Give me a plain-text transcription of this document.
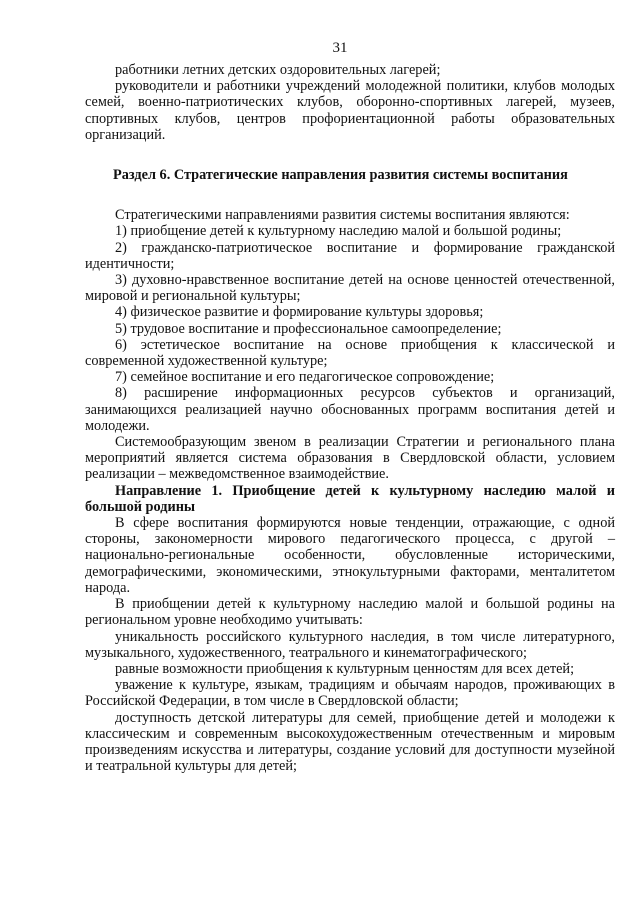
31

работники летних детских оздоровительных лагерей;

руководители и работники учреждений молодежной политики, клубов молодых семей, военно-патриотических клубов, оборонно-спортивных лагерей, музеев, спортивных клубов, центров профориентационной работы образовательных организаций.

Раздел 6. Стратегические направления развития системы воспитания

Стратегическими направлениями развития системы воспитания являются:

1) приобщение детей к культурному наследию малой и большой родины;

2) гражданско-патриотическое воспитание и формирование гражданской идентичности;

3) духовно-нравственное воспитание детей на основе ценностей отечественной, мировой и региональной культуры;

4) физическое развитие и формирование культуры здоровья;

5) трудовое воспитание и профессиональное самоопределение;

6) эстетическое воспитание на основе приобщения к классической и современной художественной культуре;

7) семейное воспитание и его педагогическое сопровождение;

8) расширение информационных ресурсов субъектов и организаций, занимающихся реализацией научно обоснованных программ воспитания детей и молодежи.

Системообразующим звеном в реализации Стратегии и регионального плана мероприятий является система образования в Свердловской области, условием реализации – межведомственное взаимодействие.

Направление 1. Приобщение детей к культурному наследию малой и большой родины

В сфере воспитания формируются новые тенденции, отражающие, с одной стороны, закономерности мирового педагогического процесса, с другой – национально-региональные особенности, обусловленные историческими, демографическими, экономическими, этнокультурными факторами, менталитетом народа.

В приобщении детей к культурному наследию малой и большой родины на региональном уровне необходимо учитывать:

уникальность российского культурного наследия, в том числе литературного, музыкального, художественного, театрального и кинематографического;

равные возможности приобщения к культурным ценностям для всех детей;

уважение к культуре, языкам, традициям и обычаям народов, проживающих в Российской Федерации, в том числе в Свердловской области;

доступность детской литературы для семей, приобщение детей и молодежи к классическим и современным высокохудожественным отечественным и мировым произведениям искусства и литературы, создание условий для доступности музейной и театральной культуры для детей;
